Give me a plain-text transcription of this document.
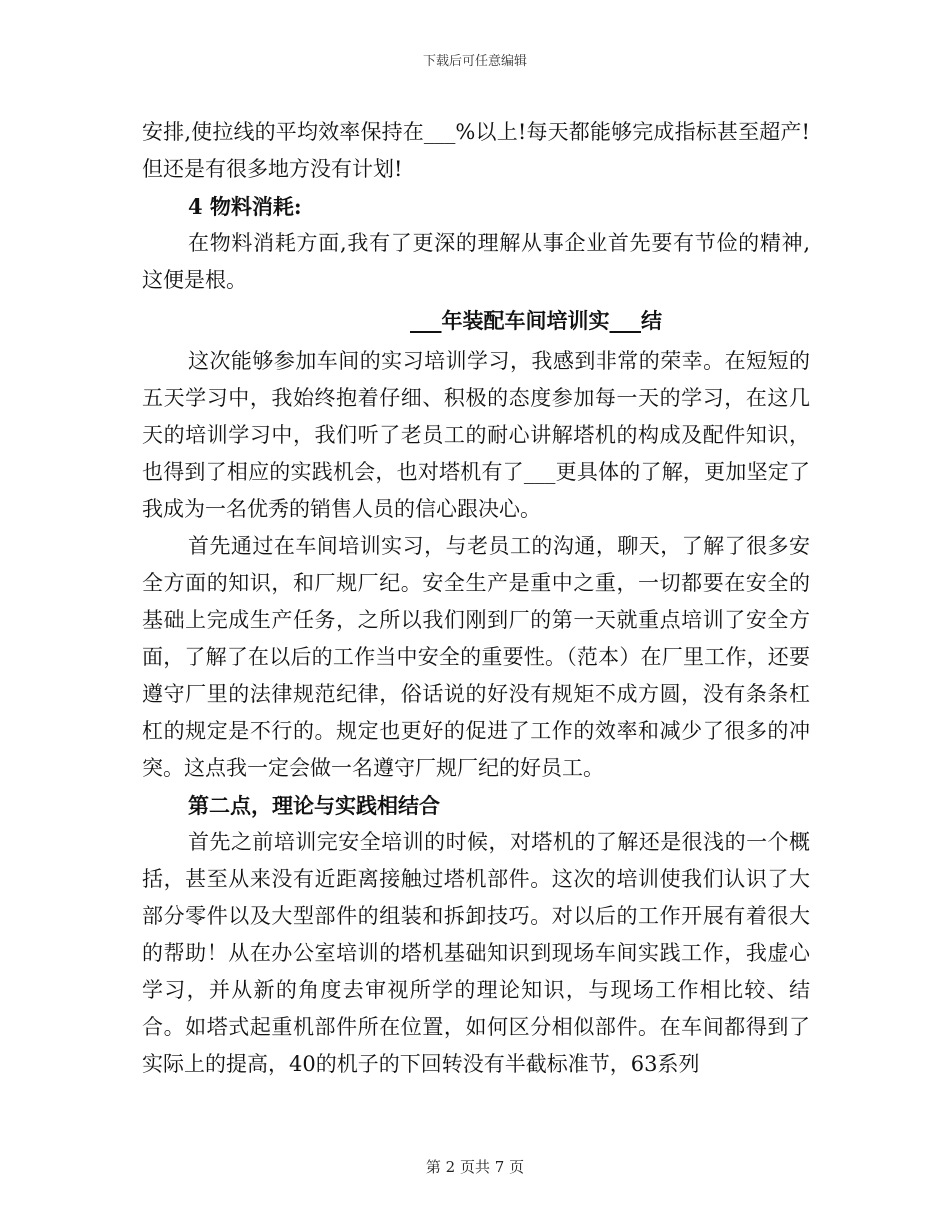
下载后可任意编辑

安排,使拉线的平均效率保持在___%以上!每天都能够完成指标甚至超产!但还是有很多地方没有计划!

4 物料消耗:

在物料消耗方面,我有了更深的理解从事企业首先要有节俭的精神,这便是根。

___年装配车间培训实___结

这次能够参加车间的实习培训学习，我感到非常的荣幸。在短短的五天学习中，我始终抱着仔细、积极的态度参加每一天的学习，在这几天的培训学习中，我们听了老员工的耐心讲解塔机的构成及配件知识，也得到了相应的实践机会，也对塔机有了___更具体的了解，更加坚定了我成为一名优秀的销售人员的信心跟决心。

首先通过在车间培训实习，与老员工的沟通，聊天，了解了很多安全方面的知识，和厂规厂纪。安全生产是重中之重，一切都要在安全的基础上完成生产任务，之所以我们刚到厂的第一天就重点培训了安全方面，了解了在以后的工作当中安全的重要性。（范本）在厂里工作，还要遵守厂里的法律规范纪律，俗话说的好没有规矩不成方圆，没有条条杠杠的规定是不行的。规定也更好的促进了工作的效率和减少了很多的冲突。这点我一定会做一名遵守厂规厂纪的好员工。

第二点，理论与实践相结合

首先之前培训完安全培训的时候，对塔机的了解还是很浅的一个概括，甚至从来没有近距离接触过塔机部件。这次的培训使我们认识了大部分零件以及大型部件的组装和拆卸技巧。对以后的工作开展有着很大的帮助！从在办公室培训的塔机基础知识到现场车间实践工作，我虚心学习，并从新的角度去审视所学的理论知识，与现场工作相比较、结合。如塔式起重机部件所在位置，如何区分相似部件。在车间都得到了实际上的提高，40的机子的下回转没有半截标准节，63系列

第 2 页共 7 页
